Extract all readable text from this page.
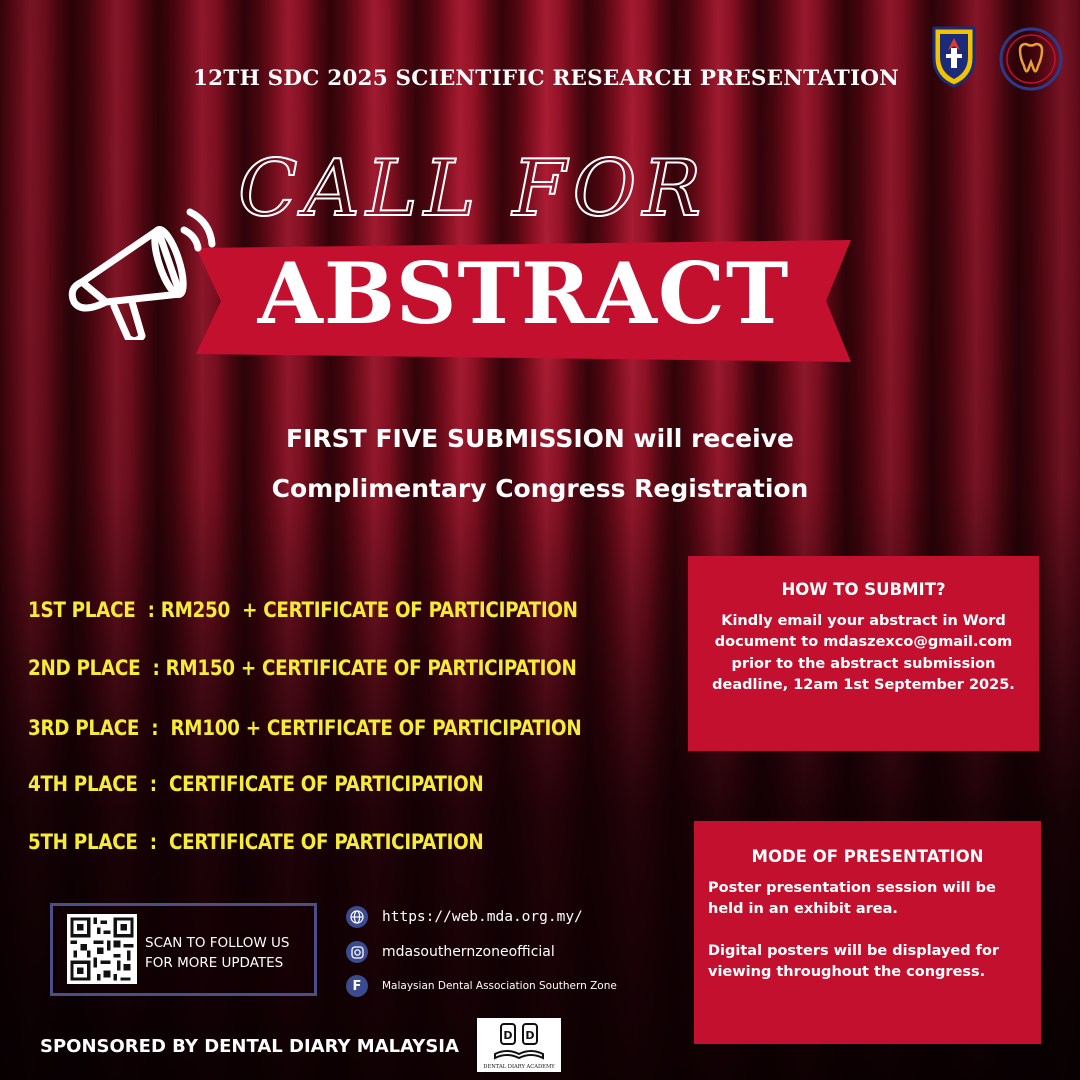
12TH SDC 2025 SCIENTIFIC RESEARCH PRESENTATION
CALL FOR
ABSTRACT
FIRST FIVE SUBMISSION will receive
Complimentary Congress Registration
1ST PLACE  : RM250  + CERTIFICATE OF PARTICIPATION
2ND PLACE  : RM150 + CERTIFICATE OF PARTICIPATION
3RD PLACE  :  RM100 + CERTIFICATE OF PARTICIPATION
4TH PLACE  :  CERTIFICATE OF PARTICIPATION
5TH PLACE  :  CERTIFICATE OF PARTICIPATION
HOW TO SUBMIT?

Kindly email your abstract in Word document to mdaszexco@gmail.com prior to the abstract submission deadline, 12am 1st September 2025.

MODE OF PRESENTATION

Poster presentation session will be held in an exhibit area.

Digital posters will be displayed for viewing throughout the congress.

SCAN TO FOLLOW US
FOR MORE UPDATES
https://web.mda.org.my/
mdasouthernzoneofficial
F	Malaysian Dental Association Southern Zone
SPONSORED BY DENTAL DIARY MALAYSIA
D D
DENTAL DIARY ACADEMY
